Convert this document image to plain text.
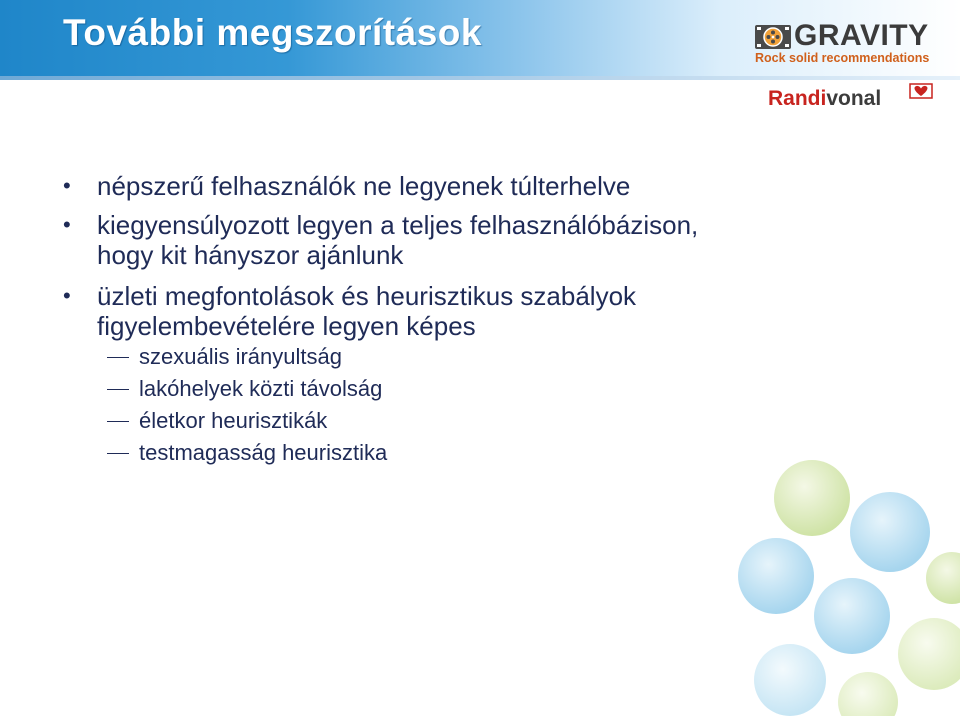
További megszorítások	GRAVITY
Rock solid recommendations
Randivonal
• népszerű felhasználók ne legyenek túlterhelve
• kiegyensúlyozott legyen a teljes felhasználóbázison,
hogy kit hányszor ajánlunk
• üzleti megfontolások és heurisztikus szabályok
figyelembevételére legyen képes
szexuális irányultság
lakóhelyek közti távolság
életkor heurisztikák
testmagasság heurisztika
